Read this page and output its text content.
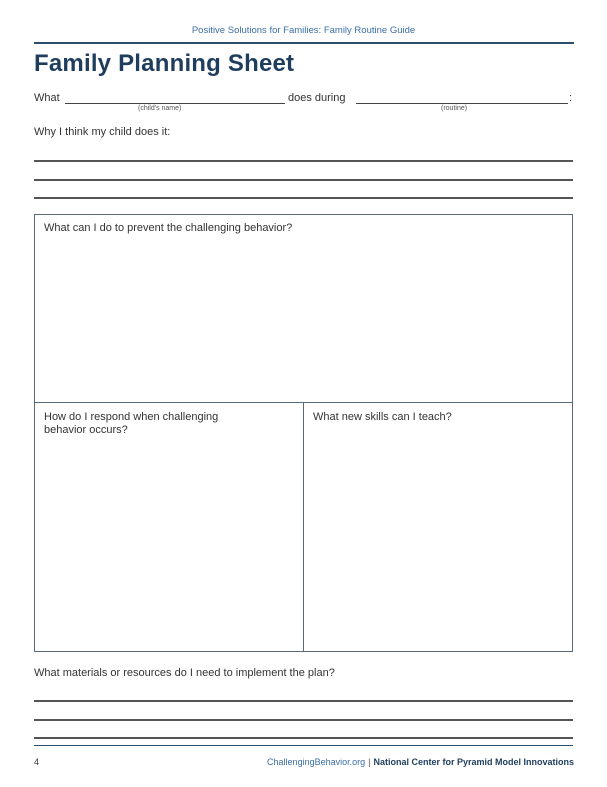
Positive Solutions for Families: Family Routine Guide
Family Planning Sheet
What
(child's name)
does during
(routine)
:
Why I think my child does it:
What can I do to prevent the challenging behavior?
How do I respond when challenging behavior occurs?
What new skills can I teach?
What materials or resources do I need to implement the plan?
4	ChallengingBehavior.org | National Center for Pyramid Model Innovations
